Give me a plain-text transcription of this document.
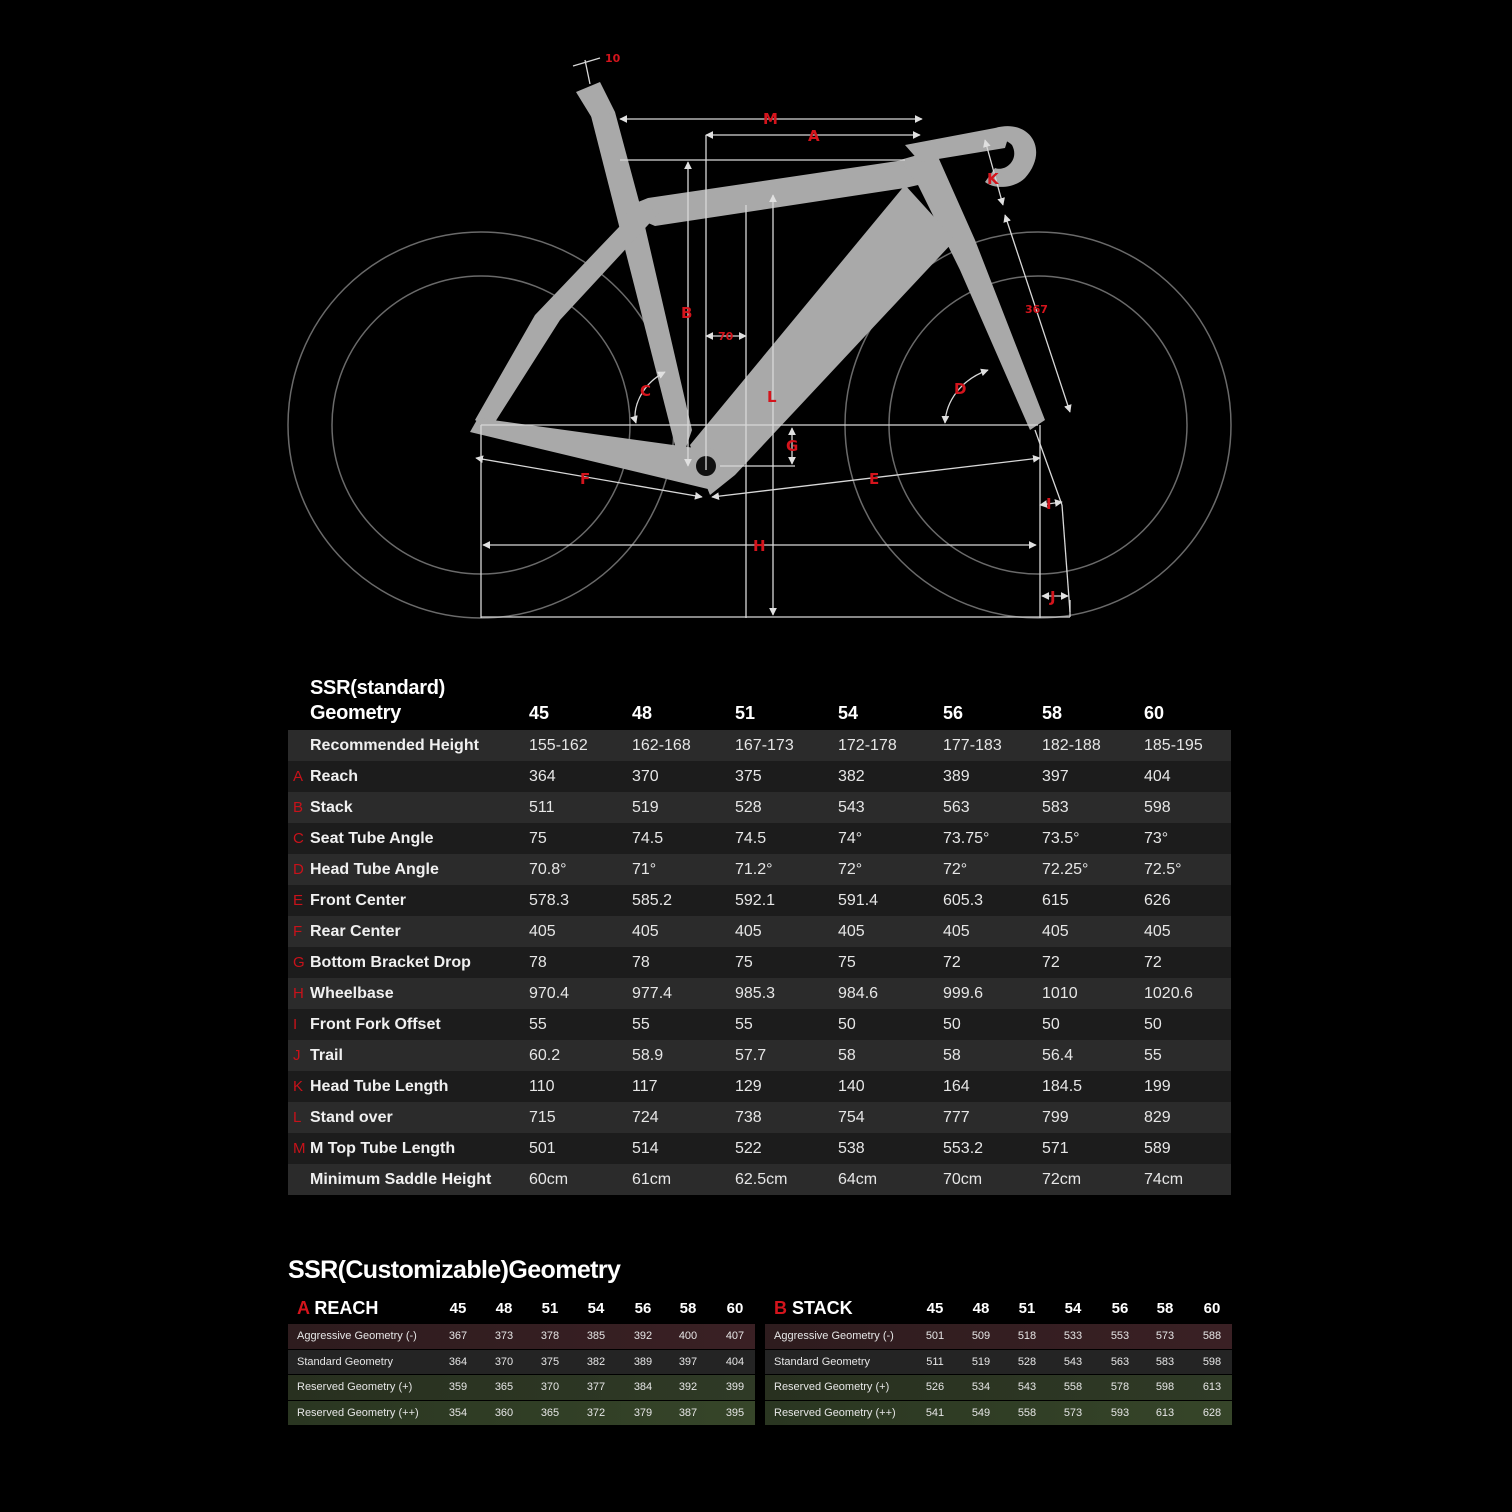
M
A
K
367
B
70
C	D
L
G
F	E
I
H
J
10
SSR(standard)
Geometry	45	48	51	54	56	58	60
Recommended Height	155-162	162-168	167-173	172-178	177-183	182-188	185-195
A Reach	364	370	375	382	389	397	404
B Stack	511	519	528	543	563	583	598
C Seat Tube Angle	75	74.5	74.5	74°	73.75°	73.5°	73°
D Head Tube Angle	70.8°	71°	71.2°	72°	72°	72.25°	72.5°
E Front Center	578.3	585.2	592.1	591.4	605.3	615	626
F Rear Center	405	405	405	405	405	405	405
G Bottom Bracket Drop	78	78	75	75	72	72	72
H Wheelbase	970.4	977.4	985.3	984.6	999.6	1010	1020.6
I Front Fork Offset	55	55	55	50	50	50	50
J Trail	60.2	58.9	57.7	58	58	56.4	55
K Head Tube Length	110	117	129	140	164	184.5	199
L Stand over	715	724	738	754	777	799	829
M M Top Tube Length	501	514	522	538	553.2	571	589
Minimum Saddle Height 60cm	61cm	62.5cm	64cm	70cm	72cm	74cm
SSR(Customizable)Geometry
A REACH	45	48	51	54	56	58	60
Aggressive Geometry (-)	367	373	378	385	392	400	407
Standard Geometry	364	370	375	382	389	397	404
Reserved Geometry (+)	359	365	370	377	384	392	399
Reserved Geometry (++)	354	360	365	372	379	387	395
B STACK	45	48	51	54	56	58	60
Aggressive Geometry (-)	501	509	518	533	553	573	588
Standard Geometry	511	519	528	543	563	583	598
Reserved Geometry (+)	526	534	543	558	578	598	613
Reserved Geometry (++)	541	549	558	573	593	613	628
